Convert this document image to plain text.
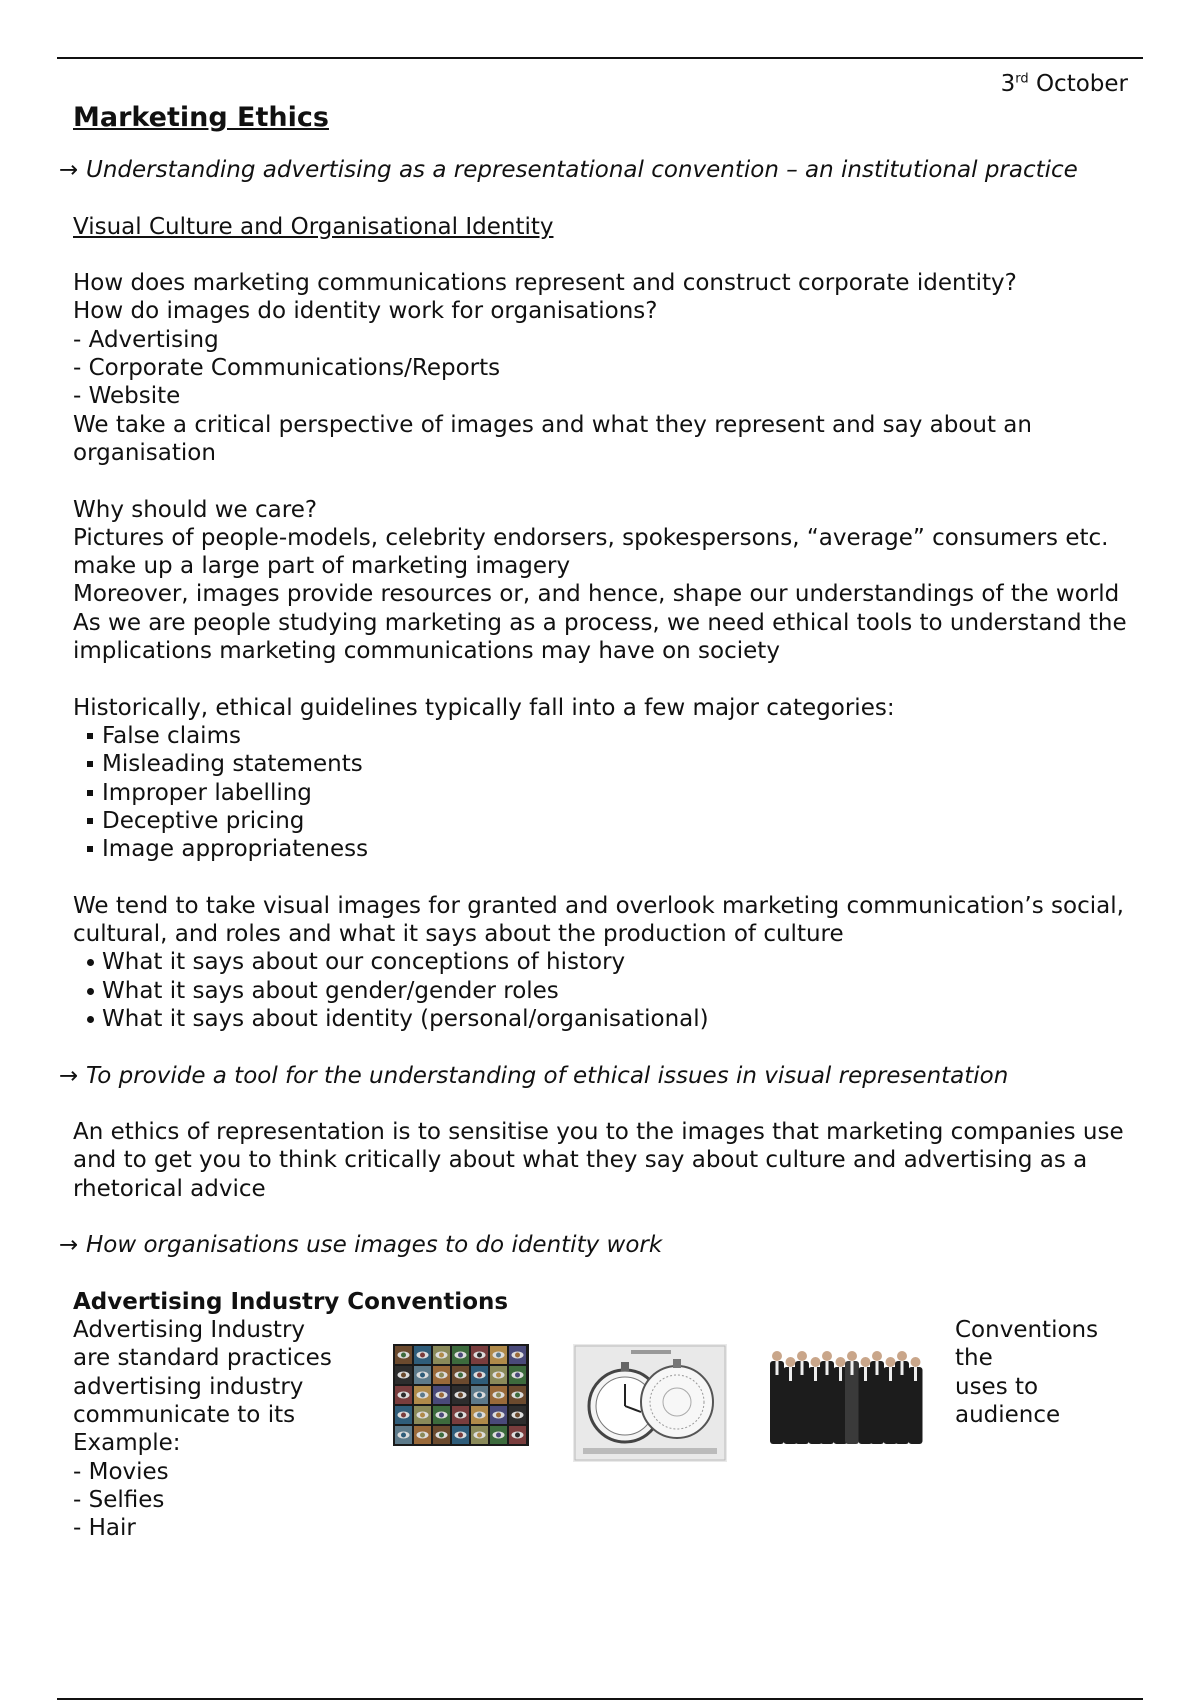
3rd October
Marketing Ethics
→ Understanding advertising as a representational convention – an institutional practice
Visual Culture and Organisational Identity
How does marketing communications represent and construct corporate identity?
How do images do identity work for organisations?
- Advertising
- Corporate Communications/Reports
- Website
We take a critical perspective of images and what they represent and say about an organisation
Why should we care?
Pictures of people-models, celebrity endorsers, spokespersons, “average” consumers etc. make up a large part of marketing imagery
Moreover, images provide resources or, and hence, shape our understandings of the world
As we are people studying marketing as a process, we need ethical tools to understand the implications marketing communications may have on society
Historically, ethical guidelines typically fall into a few major categories:
False claims
Misleading statements
Improper labelling
Deceptive pricing
Image appropriateness
We tend to take visual images for granted and overlook marketing communication’s social, cultural, and roles and what it says about the production of culture
What it says about our conceptions of history
What it says about gender/gender roles
What it says about identity (personal/organisational)
→ To provide a tool for the understanding of ethical issues in visual representation
An ethics of representation is to sensitise you to the images that marketing companies use and to get you to think critically about what they say about culture and advertising as a rhetorical advice
→ How organisations use images to do identity work
Advertising Industry Conventions
Advertising Industry
are standard practices
advertising industry
communicate to its
Example:
- Movies
- Selfies
- Hair
Conventions
the
uses to
audience
